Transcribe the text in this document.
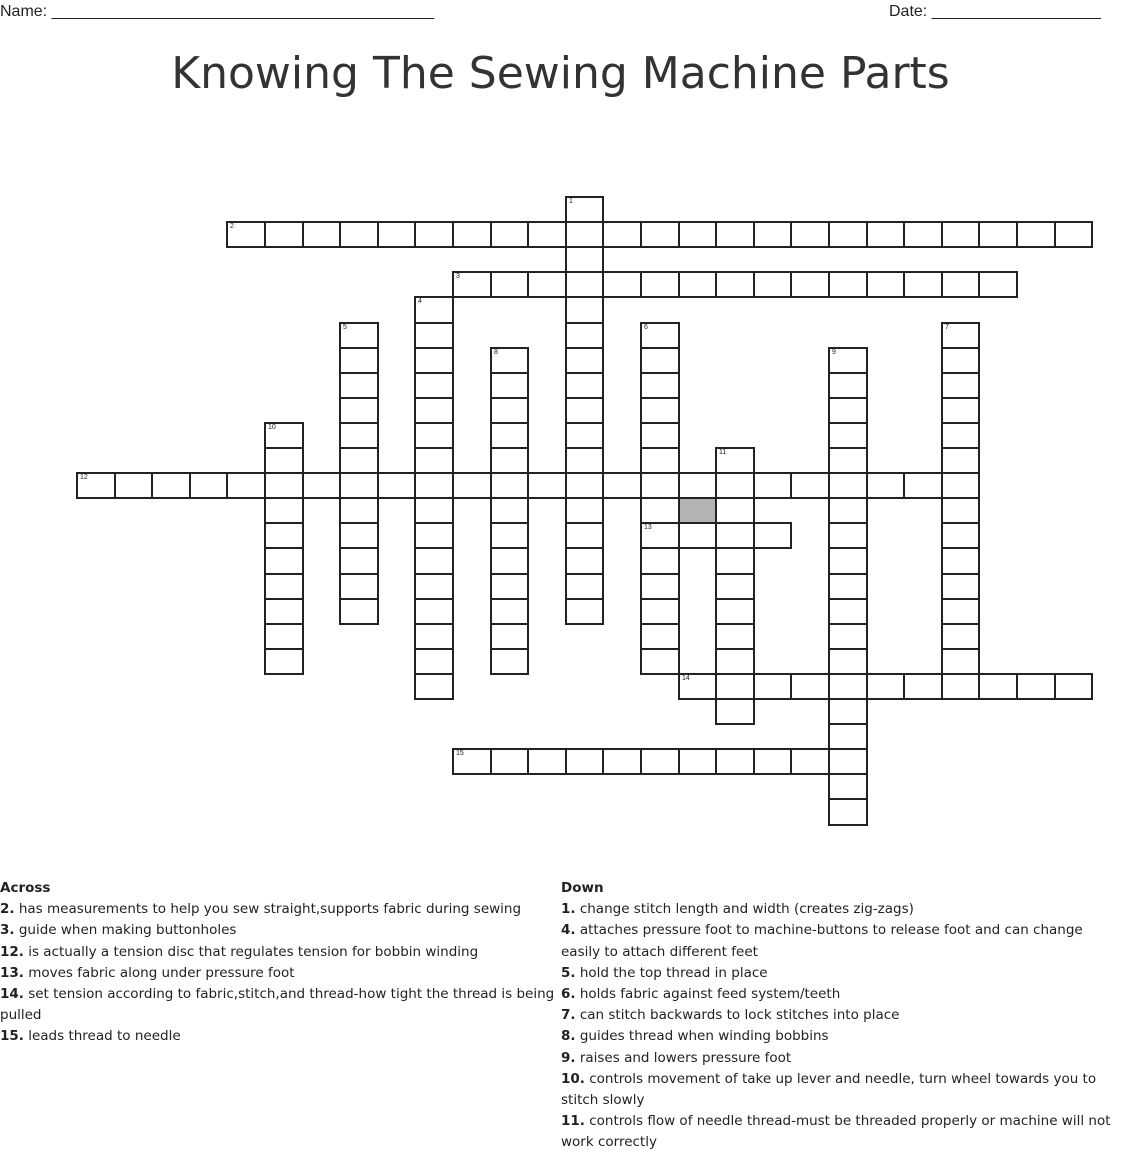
Name: ___________________________________________	Date: ___________________
Knowing The Sewing Machine Parts
1
2
3
4
5	6
13
7
8	9
10
11
12
14
15
Across
2. has measurements to help you sew straight,supports fabric during sewing
3. guide when making buttonholes
12. is actually a tension disc that regulates tension for bobbin winding
13. moves fabric along under pressure foot
14. set tension according to fabric,stitch,and thread-how tight the thread is being pulled
15. leads thread to needle
Down
1. change stitch length and width (creates zig-zags)
4. attaches pressure foot to machine-buttons to release foot and can change easily to attach different feet
5. hold the top thread in place
6. holds fabric against feed system/teeth
7. can stitch backwards to lock stitches into place
8. guides thread when winding bobbins
9. raises and lowers pressure foot
10. controls movement of take up lever and needle, turn wheel towards you to stitch slowly
11. controls flow of needle thread-must be threaded properly or machine will not work correctly
